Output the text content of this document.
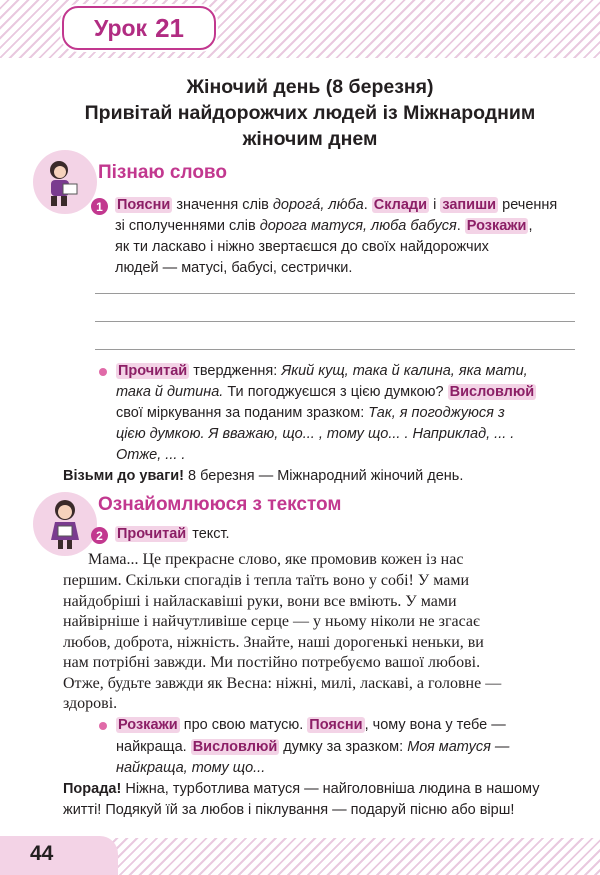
Урок 21
Жіночий день (8 березня)
Привітай найдорожчих людей із Міжнародним
жіночим днем
Пізнаю слово
1 Поясни значення слів дорогá, лю́ба. Склади і запиши речення
зі сполученнями слів дорога матуся, люба бабуся. Розкажи ,
як ти ласкаво і ніжно звертаєшся до своїх найдорожчих
людей — матусі, бабусі, сестрички.
Прочитай твердження: Який кущ, така й калина, яка мати,
така й дитина. Ти погоджуєшся з цією думкою? Висловлюй
свої міркування за поданим зразком: Так, я погоджуюся з
цією думкою. Я вважаю, що... , тому що... . Наприклад, ... .
Отже, ... .
Візьми до уваги! 8 березня — Міжнародний жіночий день.
Ознайомлююся з текстом
2 Прочитай текст.
Мама... Це прекрасне слово, яке промовив кожен із нас
першим. Скільки спогадів і тепла таїть воно у собі! У мами
найдобріші і найласкавіші руки, вони все вміють. У мами
найвірніше і найчутливіше серце — у ньому ніколи не згасає
любов, доброта, ніжність. Знайте, наші дорогенькі неньки, ви
нам потрібні завжди. Ми постійно потребуємо вашої любові.
Отже, будьте завжди як Весна: ніжні, милі, ласкаві, а головне —
здорові.
Розкажи про свою матусю. Поясни , чому вона у тебе —
найкраща. Висловлюй думку за зразком: Моя матуся —
найкраща, тому що...
Порада! Ніжна, турботлива матуся — найголовніша людина в нашому
житті! Подякуй їй за любов і піклування — подаруй пісню або вірш!
44
